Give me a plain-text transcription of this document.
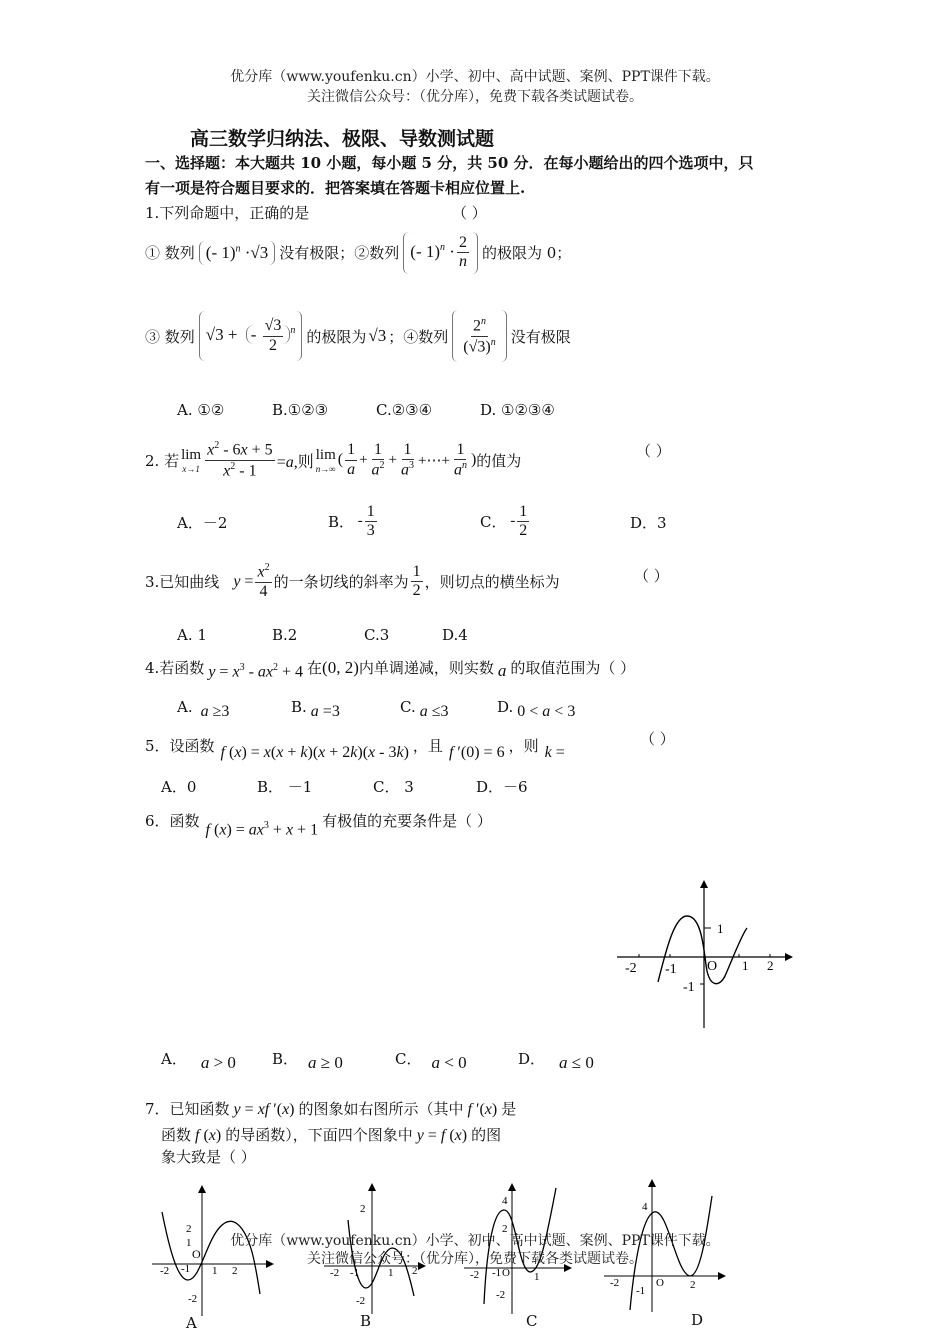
优分库（www.youfenku.cn）小学、初中、高中试题、案例、PPT课件下载。
关注微信公众号：（优分库），免费下载各类试题试卷。
高三数学归纳法、极限、导数测试题
一、选择题：本大题共 10 小题，每小题 5 分，共 50 分．在每小题给出的四个选项中，只
有一项是符合题目要求的．把答案填在答题卡相应位置上.
1.下列命题中，正确的是	（ ）
① 数列 (- 1)$^n$ ·√3 没有极限；②数列 (- $1)^n \cdot \frac{2}{n}$ 的极限为 0；
③ 数列 √3 + - $\frac{√3}{2} ^n$ 的极限为 √3 ；④数列 $\frac{2^n}{(√3)^n}$ 没有极限
A. ①②	B.①②③	C.②③④	D. ①②③④
2. 若 lim
$x\to 1 \frac{x^2 - 6x + 5}{x^2 - 1} =a$,则 lim
n→∞
( $\frac{1}{a} + \frac{1}{a^2} + \frac{1}{a^3}$ +⋯+ $\frac{1}{a^n}$ ) 的值为
（ ）
A．－2	B． - $\frac{1}{3}$	C． - $\frac{1}{2}$	D．3
3.已知曲线 $y = \frac{x^2}{4}$ 的一条切线的斜率为 $\frac{1}{2}$ ，则切点的横坐标为	（ ）
A. 1	B.2	C.3	D.4
4.若函数 $y = x^3 - ax^2 + 4$ 在 (0, 2) 内单调递减，则实数 a 的取值范围为（ ）
A. a ≥3	B. a =3	C. a ≤3	D. 0 < a < 3
5．设函数 f (x) = x(x + k)(x + 2k)(x - 3k) ，且 f ′(0) = 6 ，则 k =
（ ）
A．0	B． －1	C． 3	D．－6
6．函数 f $(x) = ax^3 + x + 1$ 有极值的充要条件是（ ）
-2 -1 O 1 2
1
-1
A． a > 0 B． a ≥ 0	C． a < 0	D． a ≤ 0
7．已知函数 y = xf ′(x) 的图象如右图所示（其中 f ′(x) 是
函数 f (x) 的导函数），下面四个图象中 y = f (x) 的图
象大致是（ ）
2
1
O
-2 -1 1 2
-2
2
-2 -1	1 2
-2
4
2
-2 -1 O 1
-2
4
-2
-1
O 2
A	B	C	D
优分库（www.youfenku.cn）小学、初中、高中试题、案例、PPT课件下载。
关注微信公众号：（优分库），免费下载各类试题试卷。
